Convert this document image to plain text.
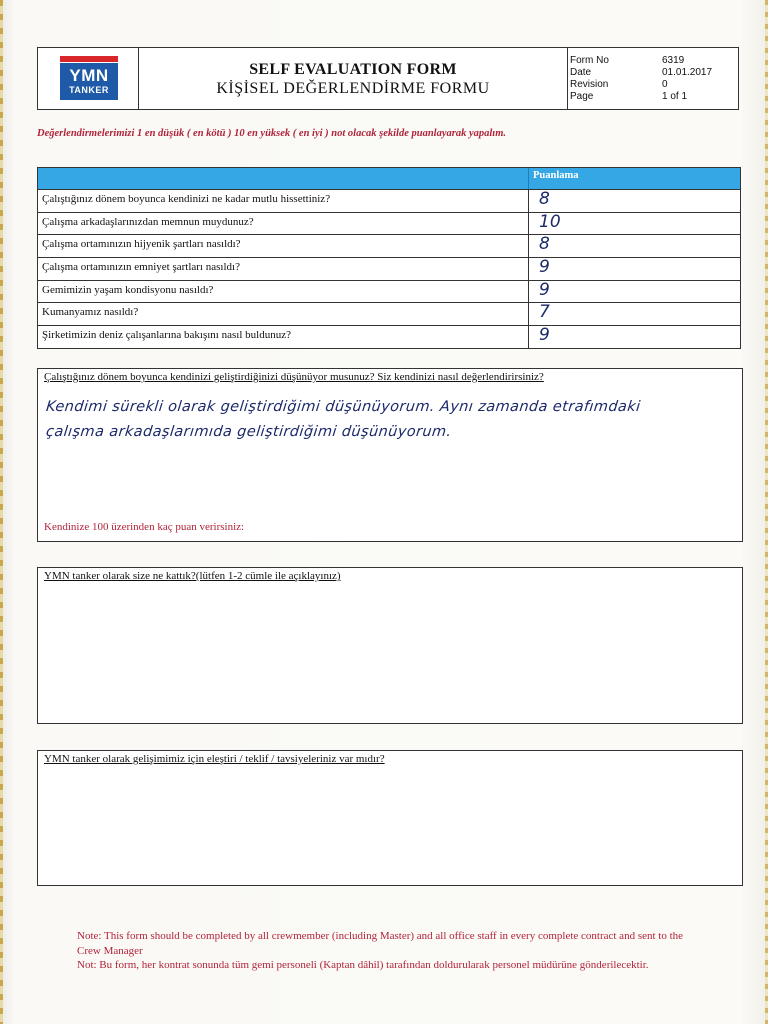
YMN
TANKER
SELF EVALUATION FORM
KİŞİSEL DEĞERLENDİRME FORMU
Form No	6319
Date	01.01.2017
Revision	0
Page	1 of 1
Değerlendirmelerimizi 1 en düşük ( en kötü ) 10 en yüksek ( en iyi ) not olacak şekilde puanlayarak yapalım.
Puanlama
Çalıştığınız dönem boyunca kendinizi ne kadar mutlu hissettiniz?	8
Çalışma arkadaşlarınızdan memnun muydunuz?	10
Çalışma ortamınızın hijyenik şartları nasıldı?	8
Çalışma ortamınızın emniyet şartları nasıldı?	9
Gemimizin yaşam kondisyonu nasıldı?	9
Kumanyamız nasıldı?	7
Şirketimizin deniz çalışanlarına bakışını nasıl buldunuz?	9
Çalıştığınız dönem boyunca kendinizi geliştirdiğinizi düşünüyor musunuz? Siz kendinizi nasıl değerlendirirsiniz?
Kendimi sürekli olarak geliştirdiğimi düşünüyorum. Aynı zamanda etrafımdaki
çalışma arkadaşlarımıda geliştirdiğimi düşünüyorum.
Kendinize 100 üzerinden kaç puan verirsiniz:
YMN tanker olarak size ne kattık?(lütfen 1-2 cümle ile açıklayınız)
YMN tanker olarak gelişimimiz için eleştiri / teklif / tavsiyeleriniz var mıdır?
Note: This form should be completed by all crewmember (including Master) and all office staff in every complete contract and sent to the Crew Manager
Not: Bu form, her kontrat sonunda tüm gemi personeli (Kaptan dâhil) tarafından doldurularak personel müdürüne gönderilecektir.
